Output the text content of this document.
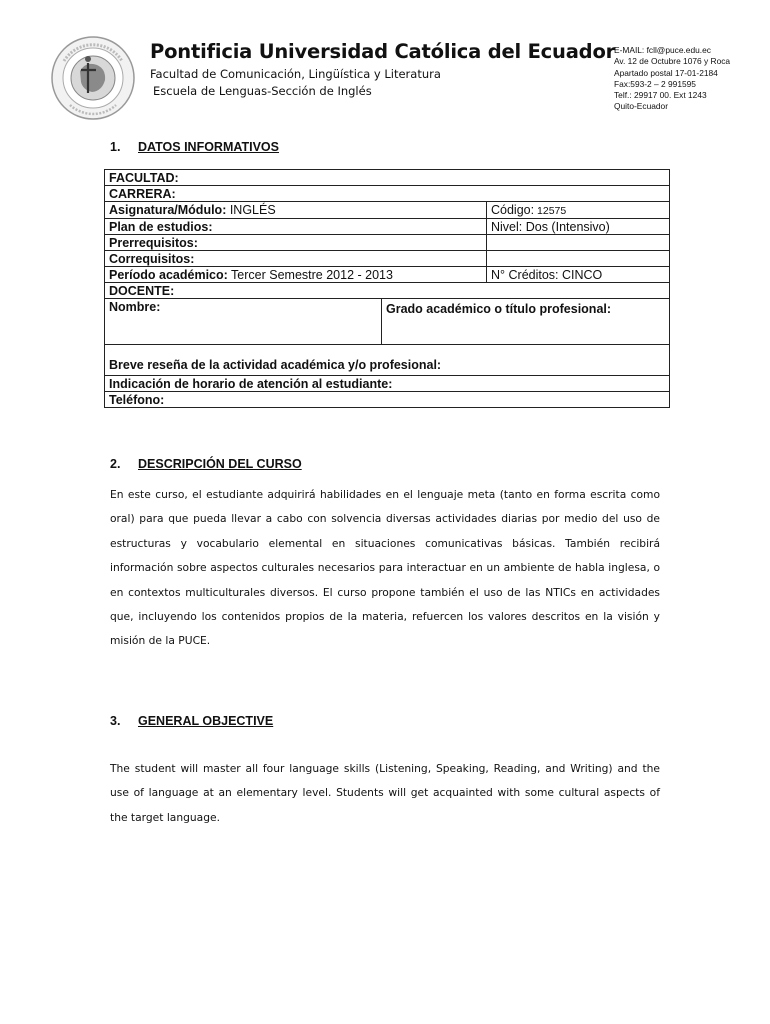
Pontificia Universidad Católica del Ecuador
Facultad de Comunicación, Lingüística y Literatura
Escuela de Lenguas-Sección de Inglés
E-MAIL: fcll@puce.edu.ec
Av. 12 de Octubre 1076 y Roca
Apartado postal 17-01-2184
Fax:593-2 – 2 991595
Telf.: 29917 00. Ext 1243
Quito-Ecuador
1. DATOS INFORMATIVOS
FACULTAD:		
CARRERA:		
Asignatura/Módulo: INGLÉS		Código: 12575
Plan de estudios:		Nivel: Dos (Intensivo)
Prerrequisitos:		
Correquisitos:		
Período académico: Tercer Semestre 2012 - 2013		N° Créditos: CINCO
DOCENTE:		
Nombre:	Grado académico o título profesional:	
Breve reseña de la actividad académica y/o profesional:		
Indicación de horario de atención al estudiante:		
Teléfono:		
2. DESCRIPCIÓN DEL CURSO

En este curso, el estudiante adquirirá habilidades en el lenguaje meta (tanto en forma escrita como oral) para que pueda llevar a cabo con solvencia diversas actividades diarias por medio del uso de estructuras y vocabulario elemental en situaciones comunicativas básicas. También recibirá información sobre aspectos culturales necesarios para interactuar en un ambiente de habla inglesa, o en contextos multiculturales diversos. El curso propone también el uso de las NTICs en actividades que, incluyendo los contenidos propios de la materia, refuercen los valores descritos en la visión y misión de la PUCE.

3. GENERAL OBJECTIVE

The student will master all four language skills (Listening, Speaking, Reading, and Writing) and the use of language at an elementary level. Students will get acquainted with some cultural aspects of the target language.
